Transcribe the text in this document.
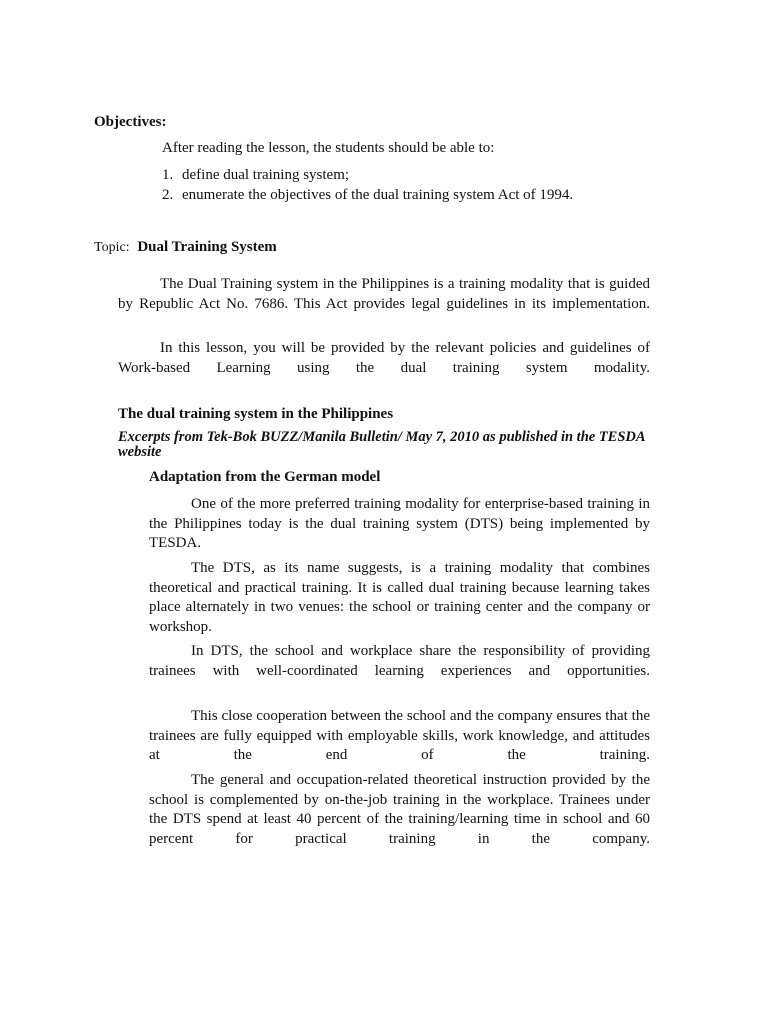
Objectives:
After reading the lesson, the students should be able to:
1. define dual training system;
2. enumerate the objectives of the dual training system Act of 1994.
Topic: Dual Training System

The Dual Training system in the Philippines is a training modality that is guided by Republic Act No. 7686. This Act provides legal guidelines in its implementation.

In this lesson, you will be provided by the relevant policies and guidelines of Work-based Learning using the dual training system modality.

The dual training system in the Philippines
Excerpts from Tek-Bok BUZZ/Manila Bulletin/ May 7, 2010 as published in the TESDA website
Adaptation from the German model

One of the more preferred training modality for enterprise-based training in the Philippines today is the dual training system (DTS) being implemented by TESDA.

The DTS, as its name suggests, is a training modality that combines theoretical and practical training. It is called dual training because learning takes place alternately in two venues: the school or training center and the company or workshop.

In DTS, the school and workplace share the responsibility of providing trainees with well-coordinated learning experiences and opportunities.

This close cooperation between the school and the company ensures that the trainees are fully equipped with employable skills, work knowledge, and attitudes at the end of the training.

The general and occupation-related theoretical instruction provided by the school is complemented by on-the-job training in the workplace. Trainees under the DTS spend at least 40 percent of the training/learning time in school and 60 percent for practical training in the company.
